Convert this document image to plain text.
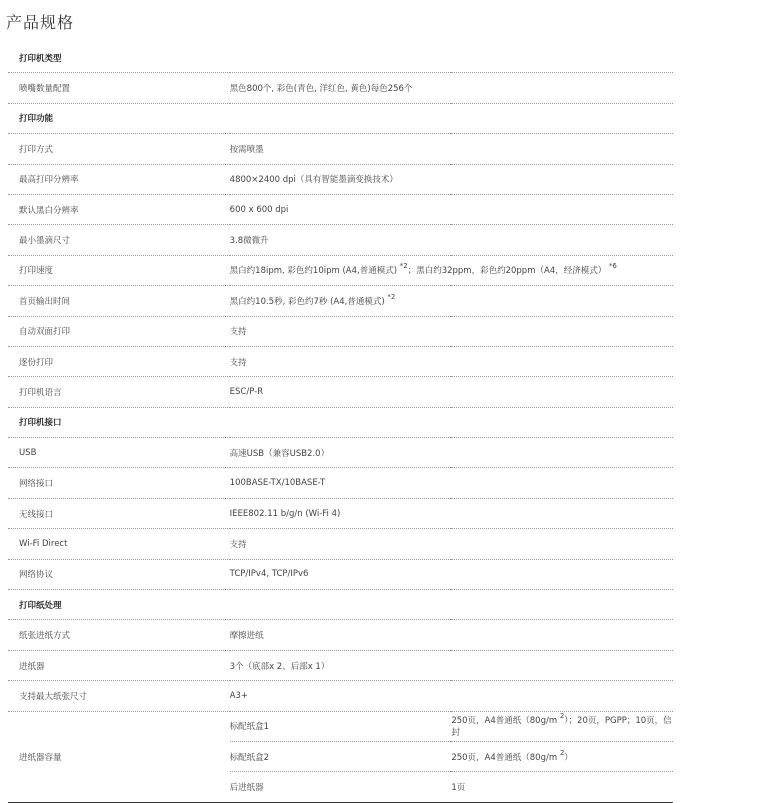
产品规格
打印机类型		
喷嘴数量配置	黑色800个, 彩色(青色, 洋红色, 黄色)每色256个	
打印功能		
打印方式	按需喷墨	
最高打印分辨率	4800×2400 dpi（具有智能墨滴变换技术）	
默认黑白分辨率	600 x 600 dpi	
最小墨滴尺寸	3.8微微升	
打印速度	黑白约18ipm, 彩色约10ipm (A4,普通模式) $^{*2}$；黑白约32ppm，彩色约20ppm（A4，经济模式） $^{*6}$
首页输出时间	黑白约10.5秒, 彩色约7秒 (A4,普通模式) $^{*2}$
自动双面打印	支持	
逐份打印	支持	
打印机语言	ESC/P-R	
打印机接口		
USB	高速USB（兼容USB2.0）	
网络接口	100BASE-TX/10BASE-T	
无线接口	IEEE802.11 b/g/n (Wi-Fi 4)	
Wi-Fi Direct	支持	
网络协议	TCP/IPv4, TCP/IPv6	
打印纸处理		
纸张进纸方式	摩擦进纸	
进纸器	3个（底部x 2、后部x 1）	
支持最大纸张尺寸	A3+	
进纸器容量	标配纸盒1	250页，A4普通纸（80g/m $^2$）；20页，PGPP；10页，信封
	标配纸盒2	250页，A4普通纸（80g/m $^2$）
	后进纸器	1页
